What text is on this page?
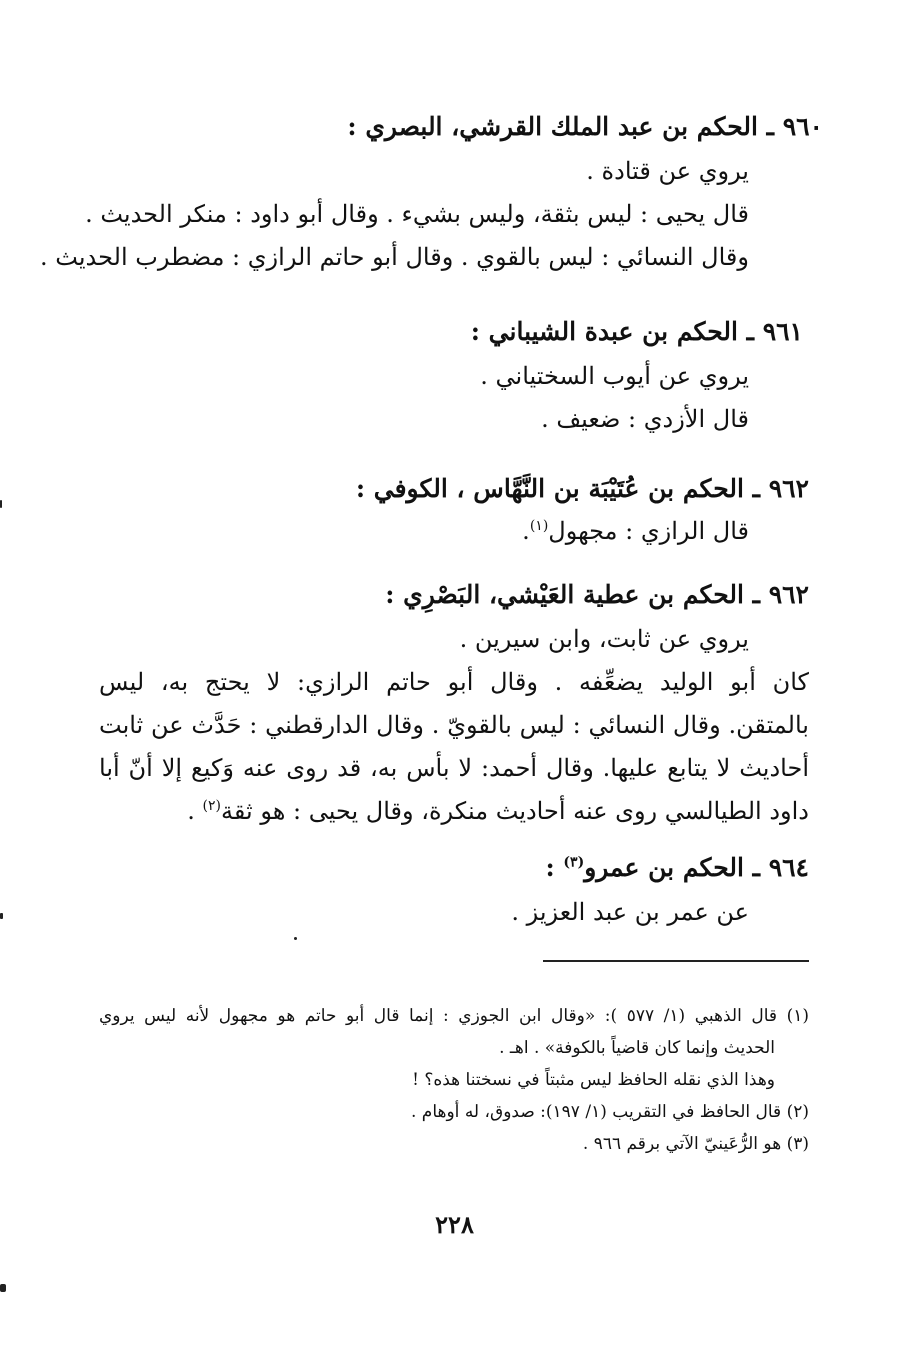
٩٦٠ ـ الحكم بن عبد الملك القرشي، البصري :
يروي عن قتادة .
قال يحيى : ليس بثقة، وليس بشيء . وقال أبو داود : منكر الحديث .
وقال النسائي : ليس بالقوي . وقال أبو حاتم الرازي : مضطرب الحديث .
٩٦١ ـ الحكم بن عبدة الشيباني :
يروي عن أيوب السختياني .
قال الأزدي : ضعيف .
٩٦٢ ـ الحكم بن عُتَيْبَة بن النَّهَّاس ، الكوفي :
قال الرازي : مجهول$^{(١)}$.
٩٦٢ ـ الحكم بن عطية العَيْشي، البَصْرِي :
يروي عن ثابت، وابن سيرين .
كان أبو الوليد يضعِّفه . وقال أبو حاتم الرازي: لا يحتج به، ليس
بالمتقن. وقال النسائي : ليس بالقويّ . وقال الدارقطني : حَدَّث عن ثابت
أحاديث لا يتابع عليها. وقال أحمد: لا بأس به، قد روى عنه وَكيع إلا أنّ أبا
داود الطيالسي روى عنه أحاديث منكرة، وقال يحيى : هو ثقة$^{(٢)}$ .
٩٦٤ ـ الحكم بن عمرو$^{(٣)}$ :
عن عمر بن عبد العزيز .
(١) قال الذهبي (١/ ٥٧٧ ): «وقال ابن الجوزي : إنما قال أبو حاتم هو مجهول لأنه ليس يروي
الحديث وإنما كان قاضياً بالكوفة» . اهـ .
وهذا الذي نقله الحافظ ليس مثبتاً في نسختنا هذه؟ !
(٢) قال الحافظ في التقريب (١/ ١٩٧): صدوق، له أوهام .
(٣) هو الرُّعَينيّ الآتي برقم ٩٦٦ .
٢٢٨
